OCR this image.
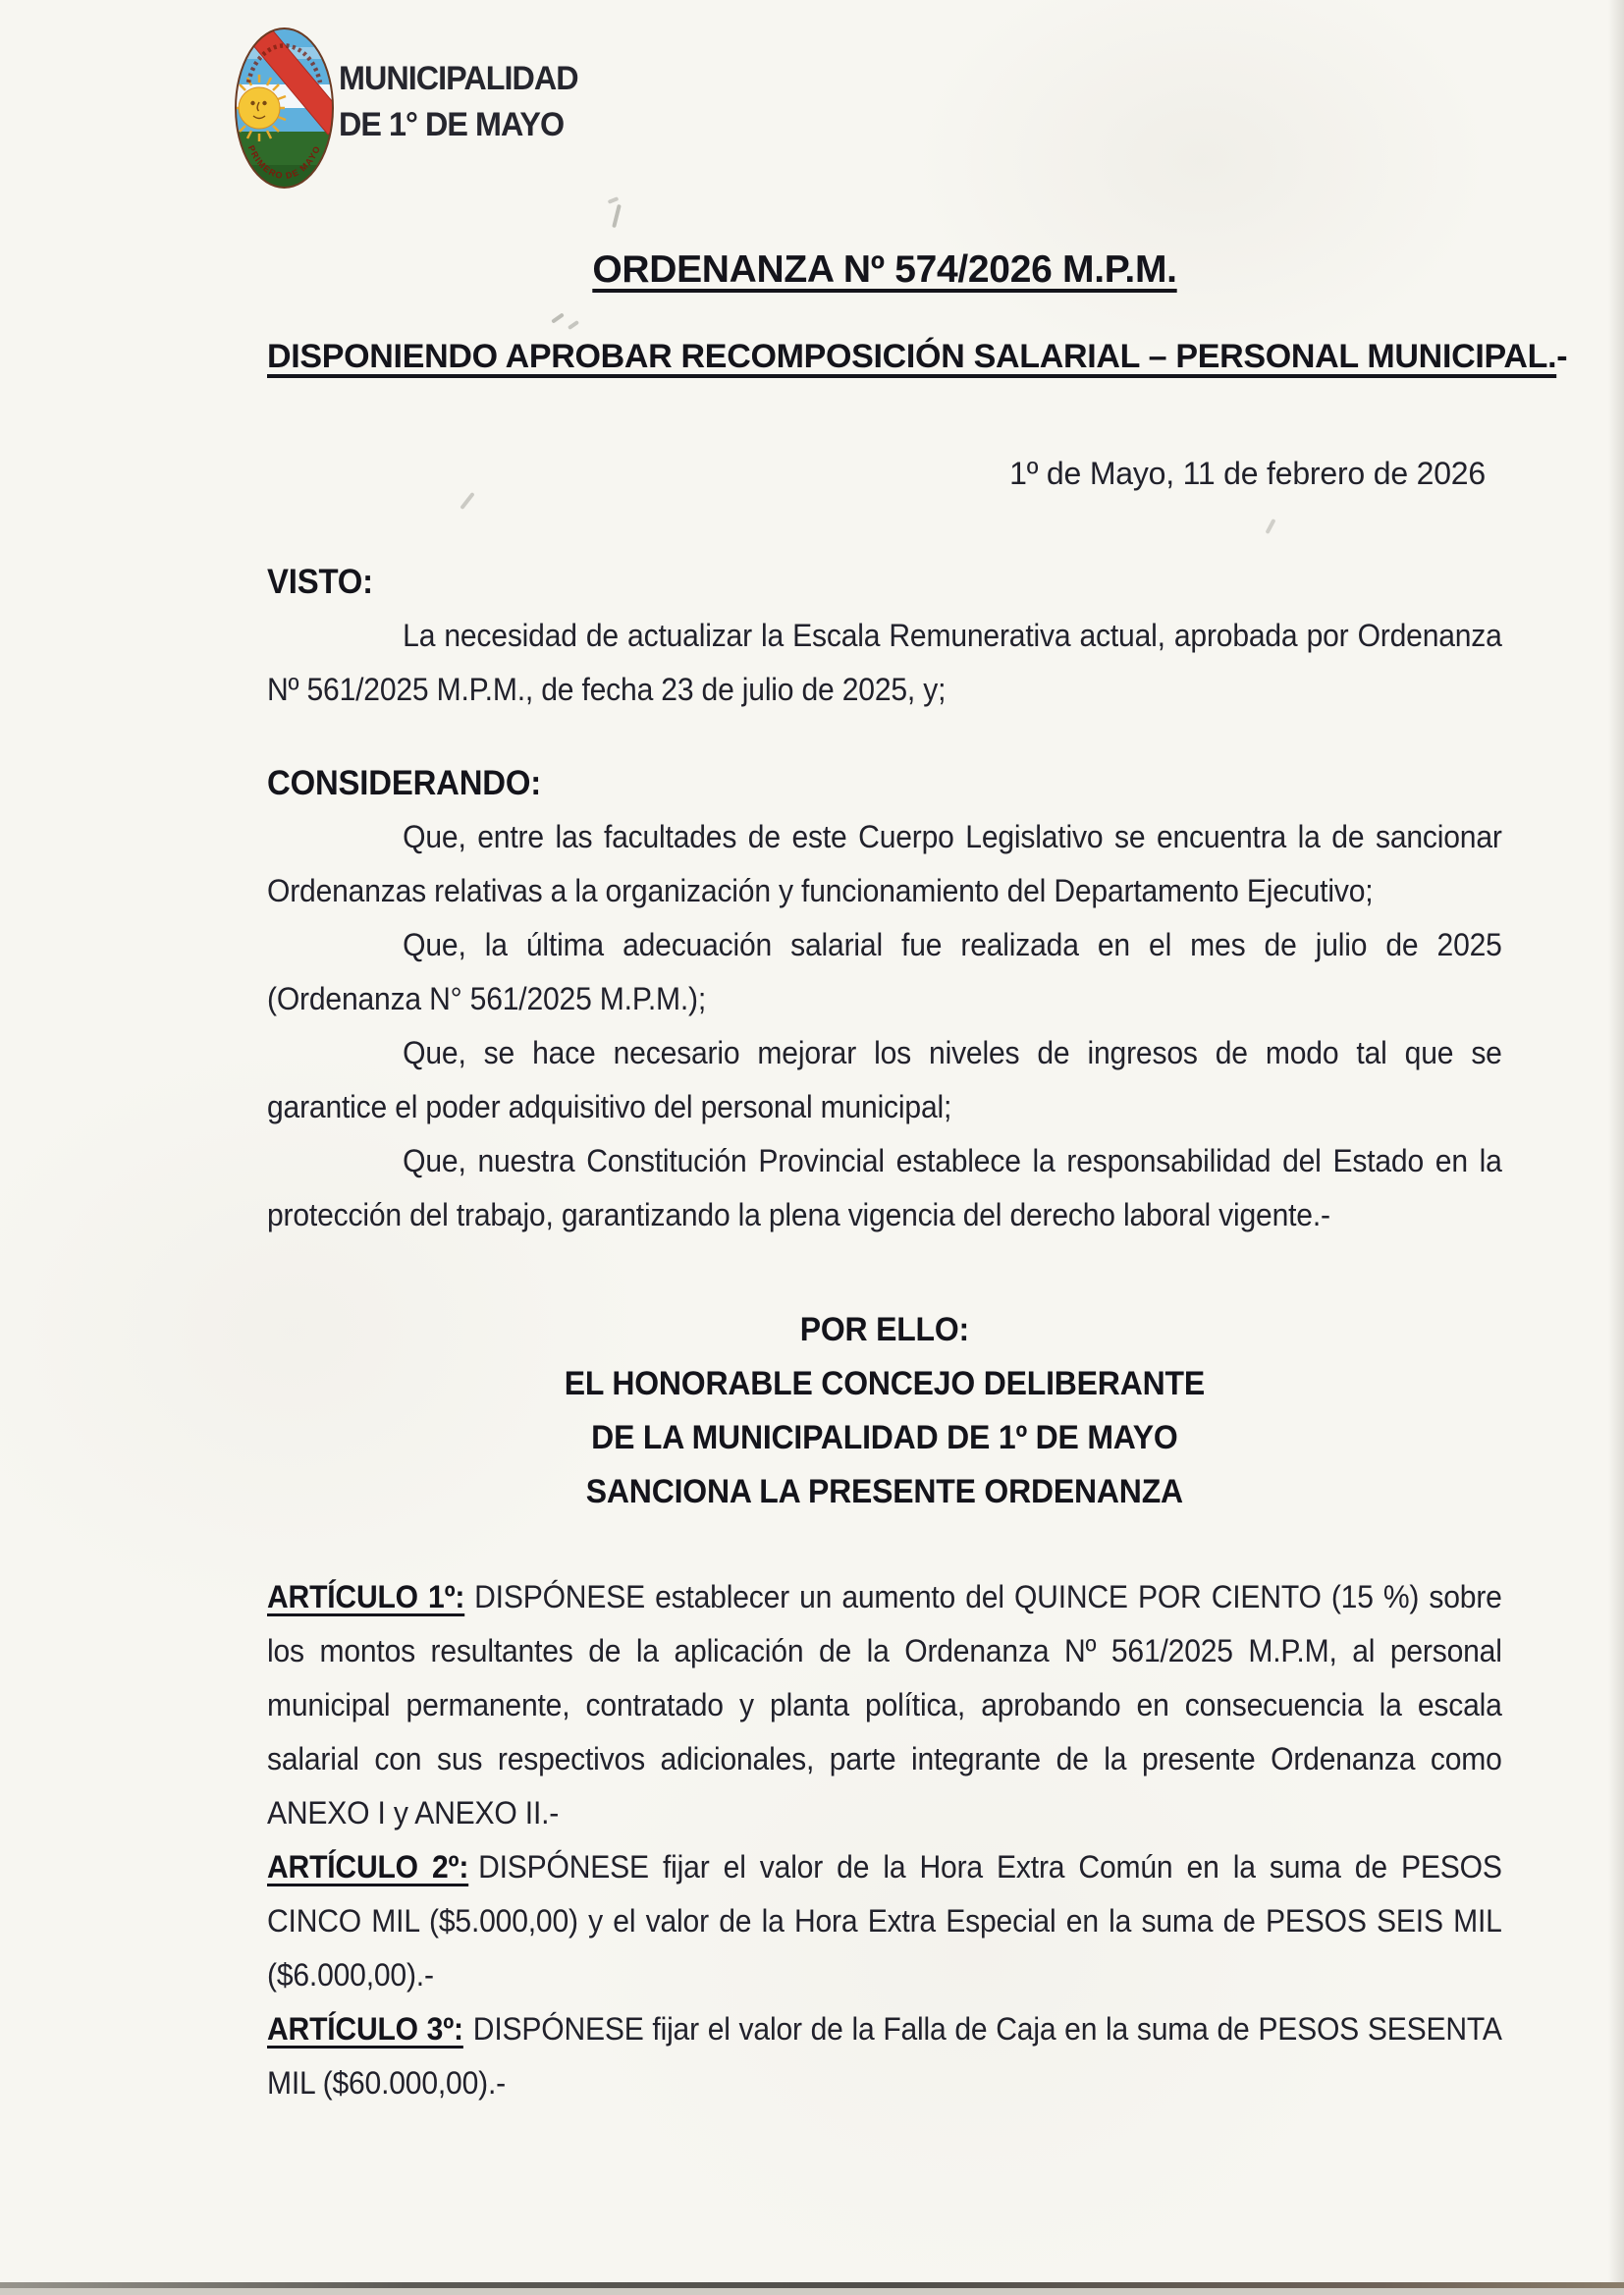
PRIMERO DE MAYO
MUNICIPALIDAD
DE 1° DE MAYO
ORDENANZA Nº 574/2026 M.P.M.
DISPONIENDO APROBAR RECOMPOSICIÓN SALARIAL – PERSONAL MUNICIPAL.-
1º de Mayo, 11 de febrero de 2026
VISTO:

La necesidad de actualizar la Escala Remunerativa actual, aprobada por Ordenanza Nº 561/2025 M.P.M., de fecha 23 de julio de 2025, y;

CONSIDERANDO:

Que, entre las facultades de este Cuerpo Legislativo se encuentra la de sancionar Ordenanzas relativas a la organización y funcionamiento del Departamento Ejecutivo;

Que, la última adecuación salarial fue realizada en el mes de julio de 2025 (Ordenanza N° 561/2025 M.P.M.);

Que, se hace necesario mejorar los niveles de ingresos de modo tal que se garantice el poder adquisitivo del personal municipal;

Que, nuestra Constitución Provincial establece la responsabilidad del Estado en la protección del trabajo, garantizando la plena vigencia del derecho laboral vigente.-

POR ELLO:

EL HONORABLE CONCEJO DELIBERANTE

DE LA MUNICIPALIDAD DE 1º DE MAYO

SANCIONA LA PRESENTE ORDENANZA

ARTÍCULO 1º: DISPÓNESE establecer un aumento del QUINCE POR CIENTO (15 %) sobre los montos resultantes de la aplicación de la Ordenanza Nº 561/2025 M.P.M, al personal municipal permanente, contratado y planta política, aprobando en consecuencia la escala salarial con sus respectivos adicionales, parte integrante de la presente Ordenanza como ANEXO I y ANEXO II.-

ARTÍCULO 2º: DISPÓNESE fijar el valor de la Hora Extra Común en la suma de PESOS CINCO MIL ($5.000,00) y el valor de la Hora Extra Especial en la suma de PESOS SEIS MIL ($6.000,00).-

ARTÍCULO 3º: DISPÓNESE fijar el valor de la Falla de Caja en la suma de PESOS SESENTA MIL ($60.000,00).-
